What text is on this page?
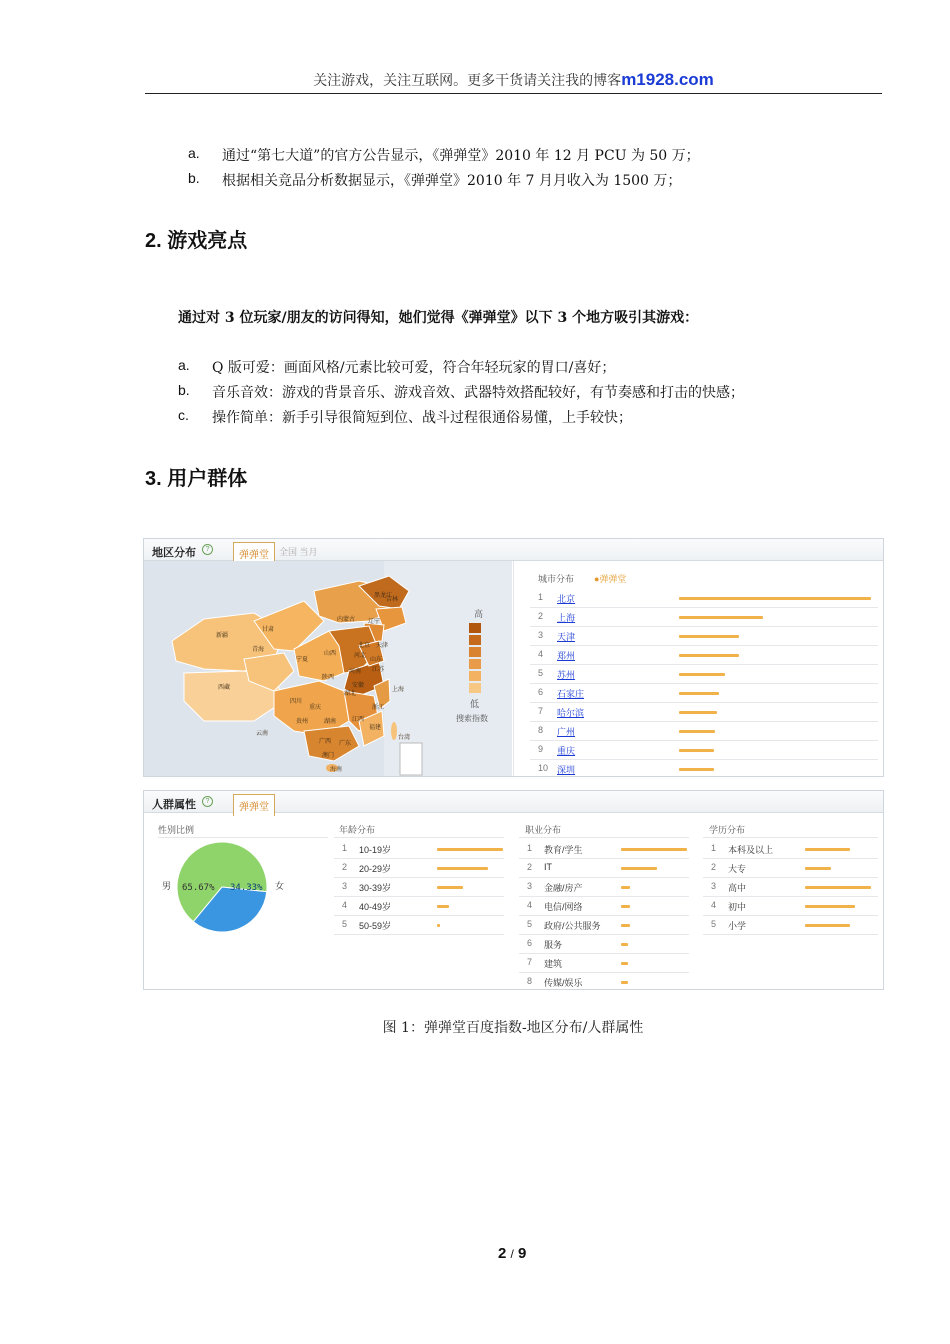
关注游戏，关注互联网。更多干货请关注我的博客m1928.com
a. 通过“第七大道”的官方公告显示，《弹弹堂》2010 年 12 月 PCU 为 50 万；
b. 根据相关竞品分析数据显示，《弹弹堂》2010 年 7 月月收入为 1500 万；
2. 游戏亮点
通过对 3 位玩家/朋友的访问得知，她们觉得《弹弹堂》以下 3 个地方吸引其游戏：
a. Q 版可爱：画面风格/元素比较可爱，符合年轻玩家的胃口/喜好；
b. 音乐音效：游戏的背景音乐、游戏音效、武器特效搭配较好，有节奏感和打击的快感；
c. 操作简单：新手引导很简短到位、战斗过程很通俗易懂，上手较快；
3. 用户群体
地区分布	?
弹弹堂	全国 当月
高
低
搜索指数
黑龙江
吉林
辽宁
内蒙古
新疆
甘肃
青海
宁夏
山西
陕西
北京 天津
河北
山东
河南 江苏
安徽
上海
湖北
浙江
四川
西藏
重庆
贵州	湖南	江西
福建
台湾
云南
广西 广东
澳门
海南
城市分布 ●弹弹堂
1 北京
2 上海
3 天津
4 郑州
5 苏州
6 石家庄
7 哈尔滨
8 广州
9 重庆
10 深圳
人群属性	?
弹弹堂
性别比例
65.67% 34.33%
男	女
年龄分布
1 10-19岁
2 20-29岁
3 30-39岁
4 40-49岁
5 50-59岁
职业分布
1 教育/学生
2 IT
3 金融/房产
4 电信/网络
5 政府/公共服务
6 服务
7 建筑
8 传媒/娱乐
学历分布
1 本科及以上
2 大专
3 高中
4 初中
5 小学
图 1：弹弹堂百度指数-地区分布/人群属性
2 / 9
